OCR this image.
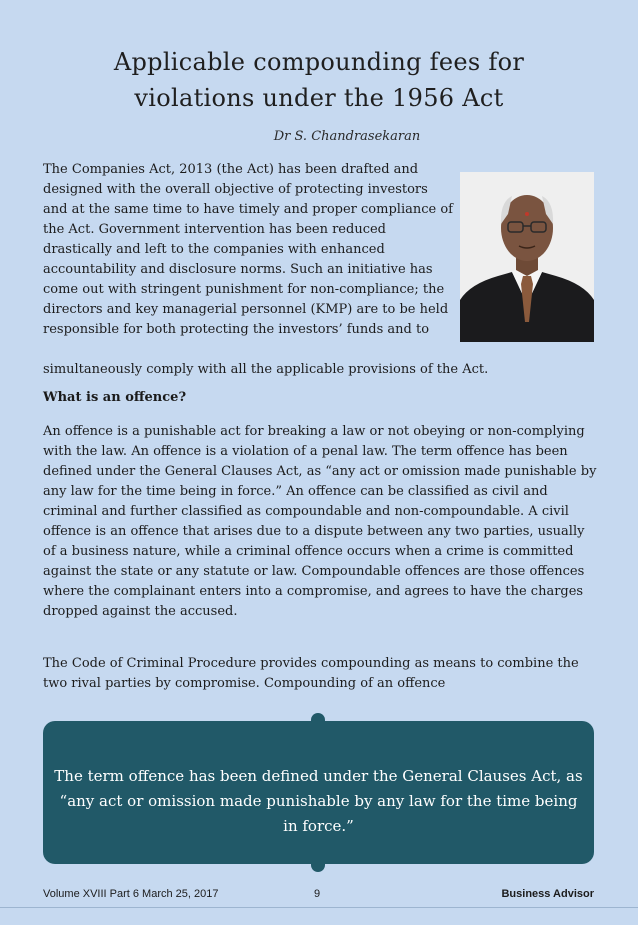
Applicable compounding fees for
violations under the 1956 Act
Dr S. Chandrasekaran

The Companies Act, 2013 (the Act) has been drafted and designed with the overall objective of protecting investors and at the same time to have timely and proper compliance of the Act. Government intervention has been reduced drastically and left to the companies with enhanced accountability and disclosure norms. Such an initiative has come out with stringent punishment for non-compliance; the directors and key managerial personnel (KMP) are to be held responsible for both protecting the investors’ funds and to

simultaneously comply with all the applicable provisions of the Act.

What is an offence?

An offence is a punishable act for breaking a law or not obeying or non-complying with the law. An offence is a violation of a penal law. The term offence has been defined under the General Clauses Act, as “any act or omission made punishable by any law for the time being in force.” An offence can be classified as civil and criminal and further classified as compoundable and non-compoundable. A civil offence is an offence that arises due to a dispute between any two parties, usually of a business nature, while a criminal offence occurs when a crime is committed against the state or any statute or law. Compoundable offences are those offences where the complainant enters into a compromise, and agrees to have the charges dropped against the accused.

The Code of Criminal Procedure provides compounding as means to combine the two rival parties by compromise. Compounding of an offence

The term offence has been defined under the General Clauses Act, as “any act or omission made punishable by any law for the time being in force.”

Volume XVIII Part 6 March 25, 2017	9	Business Advisor
